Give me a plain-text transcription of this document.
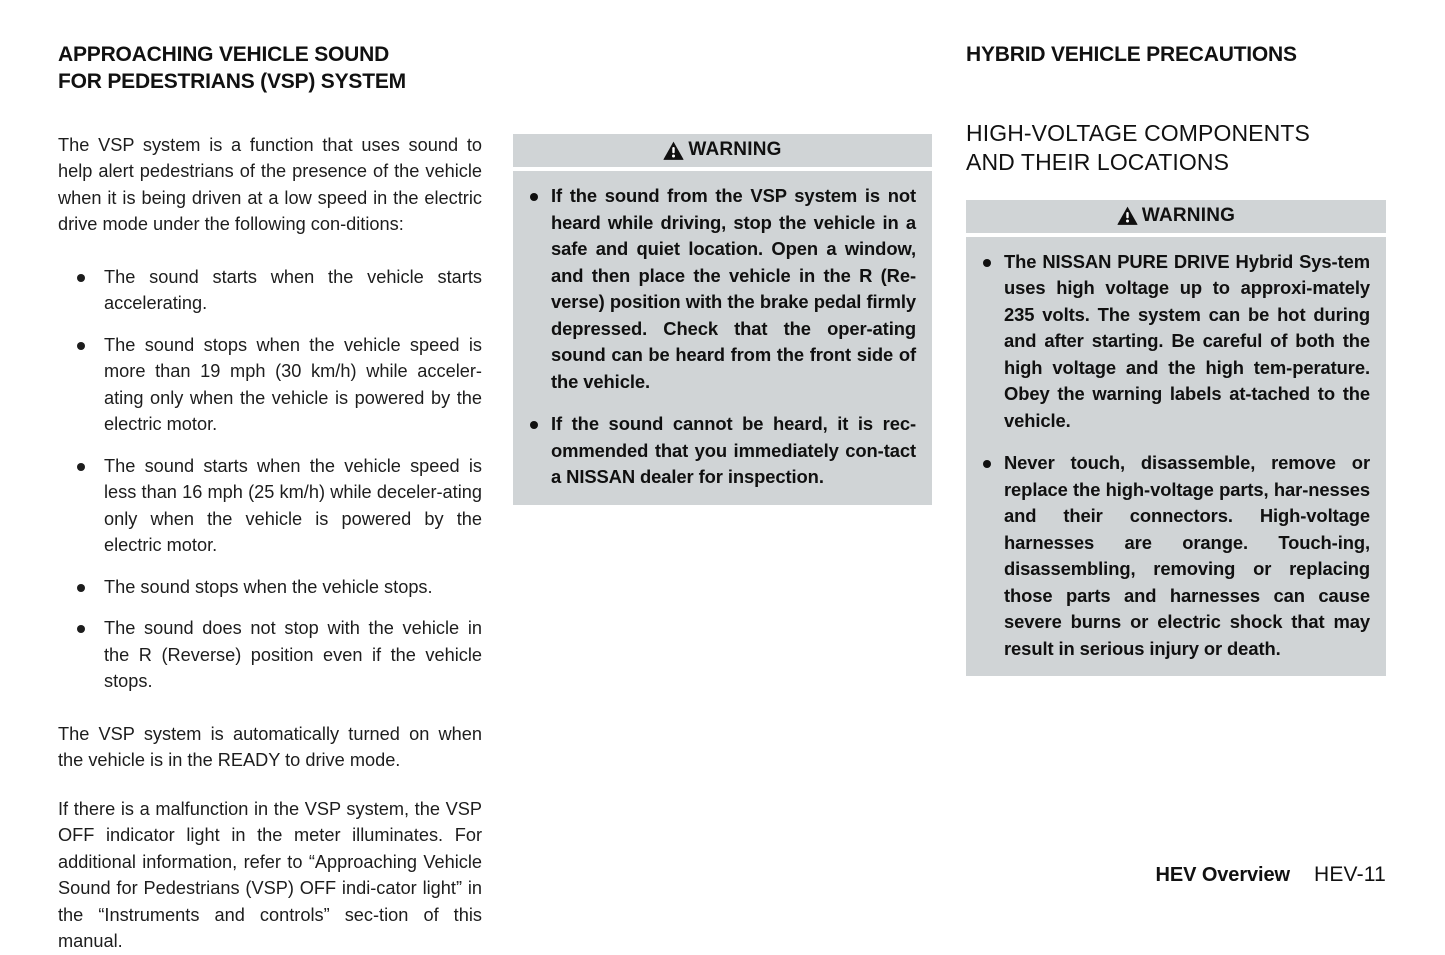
APPROACHING VEHICLE SOUND
FOR PEDESTRIANS (VSP) SYSTEM

The VSP system is a function that uses sound to help alert pedestrians of the presence of the vehicle when it is being driven at a low speed in the electric drive mode under the following con‐ditions:

The sound starts when the vehicle starts accelerating.
The sound stops when the vehicle speed is more than 19 mph (30 km/h) while acceler‐ating only when the vehicle is powered by the electric motor.
The sound starts when the vehicle speed is less than 16 mph (25 km/h) while deceler‐ating only when the vehicle is powered by the electric motor.
The sound stops when the vehicle stops.
The sound does not stop with the vehicle in the R (Reverse) position even if the vehicle stops.

The VSP system is automatically turned on when the vehicle is in the READY to drive mode.

If there is a malfunction in the VSP system, the VSP OFF indicator light in the meter illuminates. For additional information, refer to “Approaching Vehicle Sound for Pedestrians (VSP) OFF indi‐cator light” in the “Instruments and controls” sec‐tion of this manual.

WARNING
If the sound from the VSP system is not heard while driving, stop the vehicle in a safe and quiet location. Open a window, and then place the vehicle in the R (Re‐verse) position with the brake pedal firmly depressed. Check that the oper‐ating sound can be heard from the front side of the vehicle.
If the sound cannot be heard, it is rec‐ommended that you immediately con‐tact a NISSAN dealer for inspection.
HYBRID VEHICLE PRECAUTIONS
HIGH-VOLTAGE COMPONENTS
AND THEIR LOCATIONS
WARNING
The NISSAN PURE DRIVE Hybrid Sys‐tem uses high voltage up to approxi‐mately 235 volts. The system can be hot during and after starting. Be careful of both the high voltage and the high tem‐perature. Obey the warning labels at‐tached to the vehicle.
Never touch, disassemble, remove or replace the high-voltage parts, har‐nesses and their connectors. High-voltage harnesses are orange. Touch‐ing, disassembling, removing or replacing those parts and harnesses can cause severe burns or electric shock that may result in serious injury or death.
HEV Overview HEV-11
